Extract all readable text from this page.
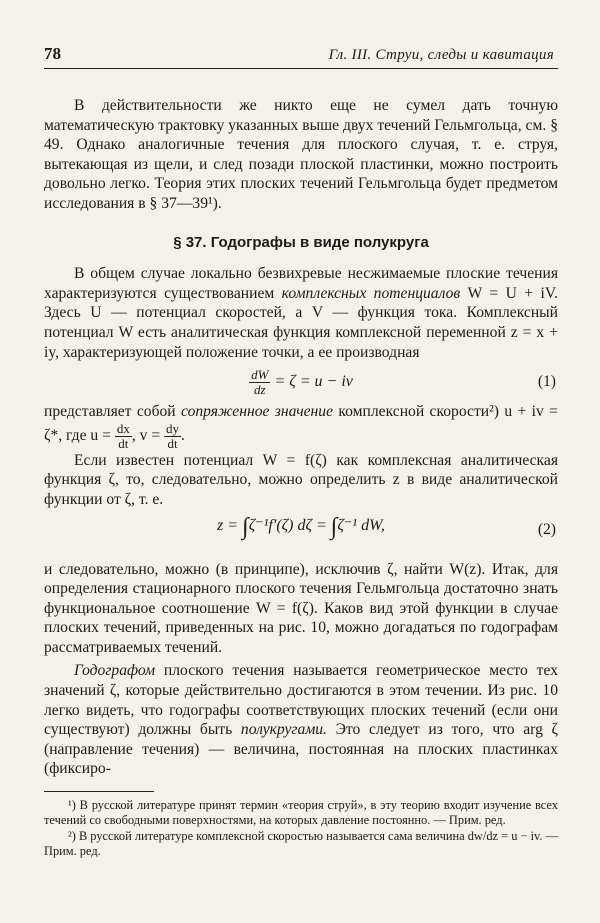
78	Гл. III. Струи, следы и кавитация

В действительности же никто еще не сумел дать точную математическую трактовку указанных выше двух течений Гельмгольца, см. § 49. Однако аналогичные течения для плоского случая, т. е. струя, вытекающая из щели, и след позади плоской пластинки, можно построить довольно легко. Теория этих плоских течений Гельмгольца будет предметом исследования в § 37—39¹).

§ 37. Годографы в виде полукруга

В общем случае локально безвихревые несжимаемые плоские течения характеризуются существованием комплексных потенциалов W = U + iV. Здесь U — потенциал скоростей, а V — функция тока. Комплексный потенциал W есть аналитическая функция комплексной переменной z = x + iy, характеризующей положение точки, а ее производная

$\frac{dW}{dz} = \zeta = u$ − iv	(1)

представляет собой сопряженное значение комплексной скорости²) u + iv = ζ*, где $u = \frac{dx}{dt}$ , $v = \frac{dy}{dt}$ .

Если известен потенциал W = f(ζ) как комплексная аналитическая функция ζ, то, следовательно, можно определить z в виде аналитической функции от ζ, т. е.

z = ∫ζ⁻¹f′(ζ) dζ = ∫ζ⁻¹ dW,	(2)

и следовательно, можно (в принципе), исключив ζ, найти W(z). Итак, для определения стационарного плоского течения Гельмгольца достаточно знать функциональное соотношение W = f(ζ). Каков вид этой функции в случае плоских течений, приведенных на рис. 10, можно догадаться по годографам рассматриваемых течений.

Годографом плоского течения называется геометрическое место тех значений ζ, которые действительно достигаются в этом течении. Из рис. 10 легко видеть, что годографы соответствующих плоских течений (если они существуют) должны быть полукругами. Это следует из того, что arg ζ (направление течения) — величина, постоянная на плоских пластинках (фиксиро-

¹) В русской литературе принят термин «теория струй», в эту теорию входит изучение всех течений со свободными поверхностями, на которых давление постоянно. — Прим. ред.

²) В русской литературе комплексной скоростью называется сама величина dw/dz = u − iv. — Прим. ред.
